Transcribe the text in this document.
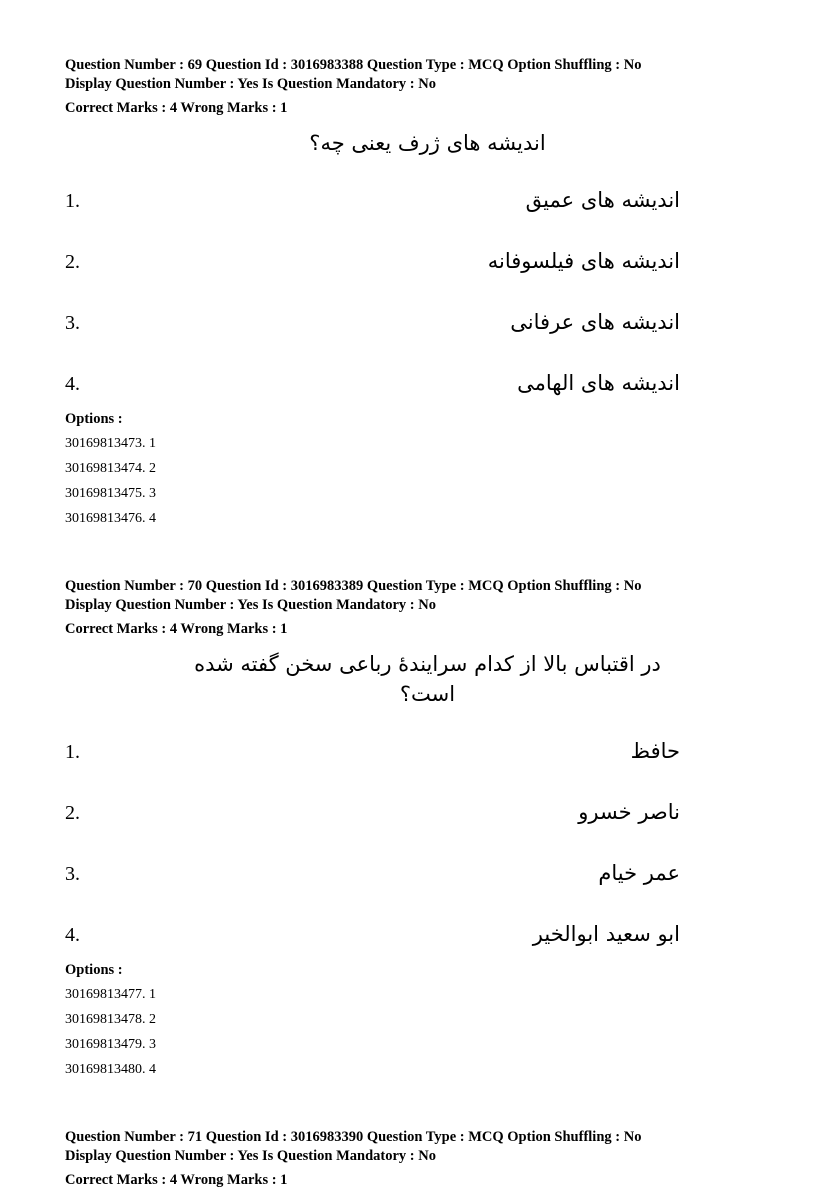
Question Number : 69 Question Id : 3016983388 Question Type : MCQ Option Shuffling : No

Display Question Number : Yes Is Question Mandatory : No

Correct Marks : 4 Wrong Marks : 1

اندیشه های ژرف یعنی چه؟
1.	اندیشه های عمیق
2.	اندیشه های فیلسوفانه
3.	اندیشه های عرفانی
4.	اندیشه های الهامی

Options :

30169813473. 1

30169813474. 2

30169813475. 3

30169813476. 4

Question Number : 70 Question Id : 3016983389 Question Type : MCQ Option Shuffling : No

Display Question Number : Yes Is Question Mandatory : No

Correct Marks : 4 Wrong Marks : 1

در اقتباس بالا از کدام سرایندهٔ رباعی سخن گفته شده است؟
1.	حافظ
2.	ناصر خسرو
3.	عمر خیام
4.	ابو سعید ابوالخیر

Options :

30169813477. 1

30169813478. 2

30169813479. 3

30169813480. 4

Question Number : 71 Question Id : 3016983390 Question Type : MCQ Option Shuffling : No

Display Question Number : Yes Is Question Mandatory : No

Correct Marks : 4 Wrong Marks : 1
